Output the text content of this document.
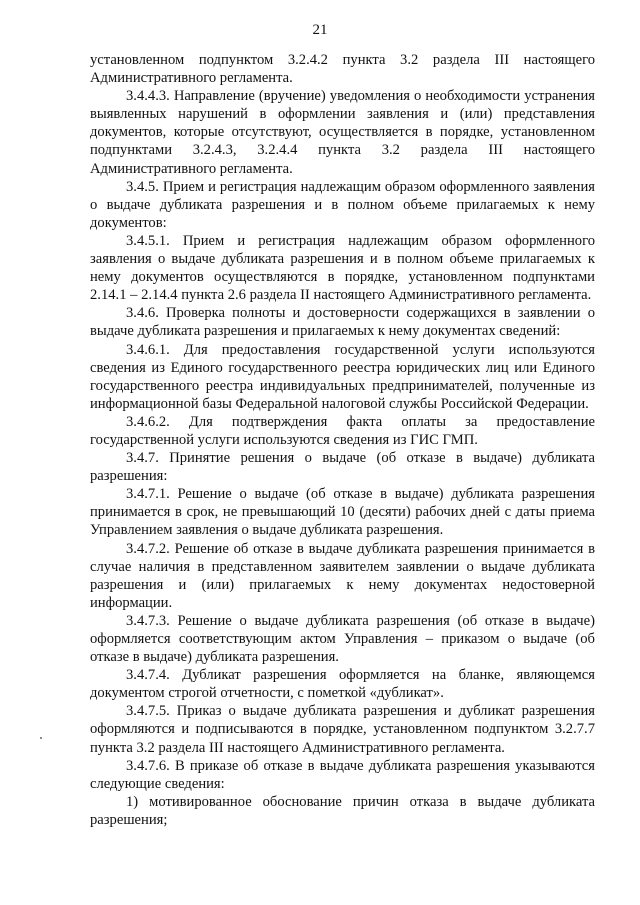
21

установленном подпунктом 3.2.4.2 пункта 3.2 раздела III настоящего Административного регламента.

3.4.4.3. Направление (вручение) уведомления о необходимости устранения выявленных нарушений в оформлении заявления и (или) представления документов, которые отсутствуют, осуществляется в порядке, установленном подпунктами 3.2.4.3, 3.2.4.4 пункта 3.2 раздела III настоящего Административного регламента.

3.4.5. Прием и регистрация надлежащим образом оформленного заявления о выдаче дубликата разрешения и в полном объеме прилагаемых к нему документов:

3.4.5.1. Прием и регистрация надлежащим образом оформленного заявления о выдаче дубликата разрешения и в полном объеме прилагаемых к нему документов осуществляются в порядке, установленном подпунктами 2.14.1 – 2.14.4 пункта 2.6 раздела II настоящего Административного регламента.

3.4.6. Проверка полноты и достоверности содержащихся в заявлении о выдаче дубликата разрешения и прилагаемых к нему документах сведений:

3.4.6.1. Для предоставления государственной услуги используются сведения из Единого государственного реестра юридических лиц или Единого государственного реестра индивидуальных предпринимателей, полученные из информационной базы Федеральной налоговой службы Российской Федерации.

3.4.6.2. Для подтверждения факта оплаты за предоставление государственной услуги используются сведения из ГИС ГМП.

3.4.7. Принятие решения о выдаче (об отказе в выдаче) дубликата разрешения:

3.4.7.1. Решение о выдаче (об отказе в выдаче) дубликата разрешения принимается в срок, не превышающий 10 (десяти) рабочих дней с даты приема Управлением заявления о выдаче дубликата разрешения.

3.4.7.2. Решение об отказе в выдаче дубликата разрешения принимается в случае наличия в представленном заявителем заявлении о выдаче дубликата разрешения и (или) прилагаемых к нему документах недостоверной информации.

3.4.7.3. Решение о выдаче дубликата разрешения (об отказе в выдаче) оформляется соответствующим актом Управления – приказом о выдаче (об отказе в выдаче) дубликата разрешения.

3.4.7.4. Дубликат разрешения оформляется на бланке, являющемся документом строгой отчетности, с пометкой «дубликат».

3.4.7.5. Приказ о выдаче дубликата разрешения и дубликат разрешения оформляются и подписываются в порядке, установленном подпунктом 3.2.7.7 пункта 3.2 раздела III настоящего Административного регламента.

3.4.7.6. В приказе об отказе в выдаче дубликата разрешения указываются следующие сведения:

1) мотивированное обоснование причин отказа в выдаче дубликата разрешения;
